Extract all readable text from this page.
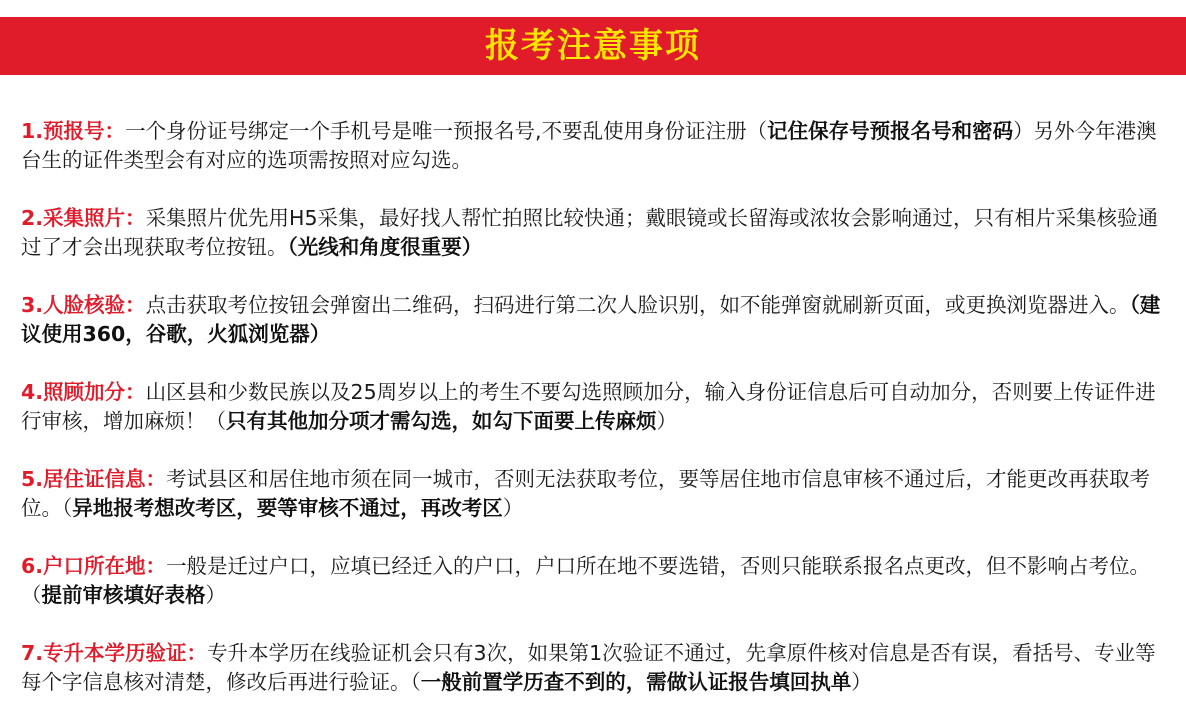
报考注意事项

1.预报号：一个身份证号绑定一个手机号是唯一预报名号,不要乱使用身份证注册（记住保存号预报名号和密码）另外今年港澳台生的证件类型会有对应的选项需按照对应勾选。

2.采集照片：采集照片优先用H5采集，最好找人帮忙拍照比较快通；戴眼镜或长留海或浓妆会影响通过，只有相片采集核验通过了才会出现获取考位按钮。（光线和角度很重要）

3.人脸核验：点击获取考位按钮会弹窗出二维码，扫码进行第二次人脸识别，如不能弹窗就刷新页面，或更换浏览器进入。（建议使用360，谷歌，火狐浏览器）

4.照顾加分：山区县和少数民族以及25周岁以上的考生不要勾选照顾加分，输入身份证信息后可自动加分，否则要上传证件进行审核，增加麻烦！（只有其他加分项才需勾选，如勾下面要上传麻烦）

5.居住证信息：考试县区和居住地市须在同一城市，否则无法获取考位，要等居住地市信息审核不通过后，才能更改再获取考位。（异地报考想改考区，要等审核不通过，再改考区）

6.户口所在地：一般是迁过户口，应填已经迁入的户口，户口所在地不要选错，否则只能联系报名点更改，但不影响占考位。（提前审核填好表格）

7.专升本学历验证：专升本学历在线验证机会只有3次，如果第1次验证不通过，先拿原件核对信息是否有误，看括号、专业等每个字信息核对清楚，修改后再进行验证。（一般前置学历查不到的，需做认证报告填回执单）
